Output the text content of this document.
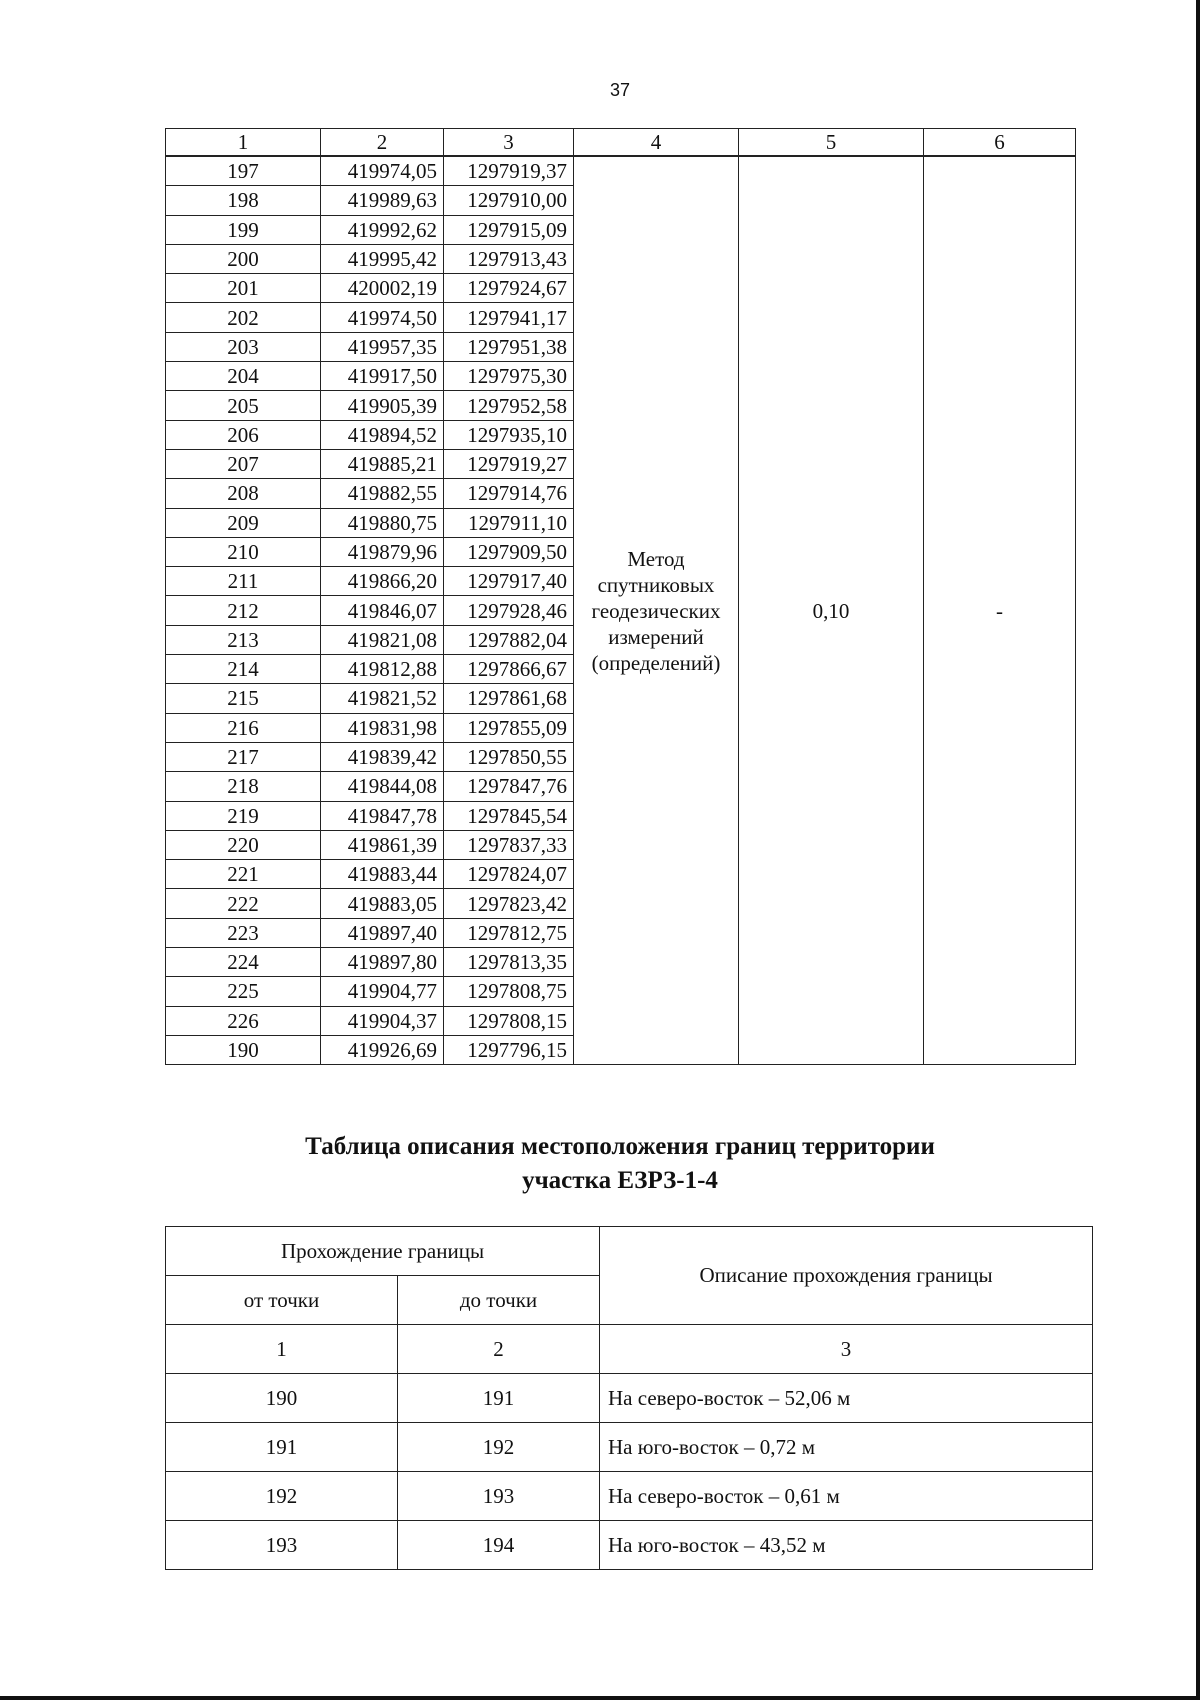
37
1	2	3	4	5	6
197	419974,05	1297919,37	Метод
спутниковых
геодезических
измерений
(определений)	0,10	-
198	419989,63	1297910,00			
199	419992,62	1297915,09			
200	419995,42	1297913,43			
201	420002,19	1297924,67			
202	419974,50	1297941,17			
203	419957,35	1297951,38			
204	419917,50	1297975,30			
205	419905,39	1297952,58			
206	419894,52	1297935,10			
207	419885,21	1297919,27			
208	419882,55	1297914,76			
209	419880,75	1297911,10			
210	419879,96	1297909,50			
211	419866,20	1297917,40			
212	419846,07	1297928,46			
213	419821,08	1297882,04			
214	419812,88	1297866,67			
215	419821,52	1297861,68			
216	419831,98	1297855,09			
217	419839,42	1297850,55			
218	419844,08	1297847,76			
219	419847,78	1297845,54			
220	419861,39	1297837,33			
221	419883,44	1297824,07			
222	419883,05	1297823,42			
223	419897,40	1297812,75			
224	419897,80	1297813,35			
225	419904,77	1297808,75			
226	419904,37	1297808,15			
190	419926,69	1297796,15			
Таблица описания местоположения границ территории
участка ЕЗРЗ-1-4
Прохождение границы		Описание прохождения границы
от точки	до точки	
1	2	3
190	191	На северо-восток – 52,06 м
191	192	На юго-восток – 0,72 м
192	193	На северо-восток – 0,61 м
193	194	На юго-восток – 43,52 м
